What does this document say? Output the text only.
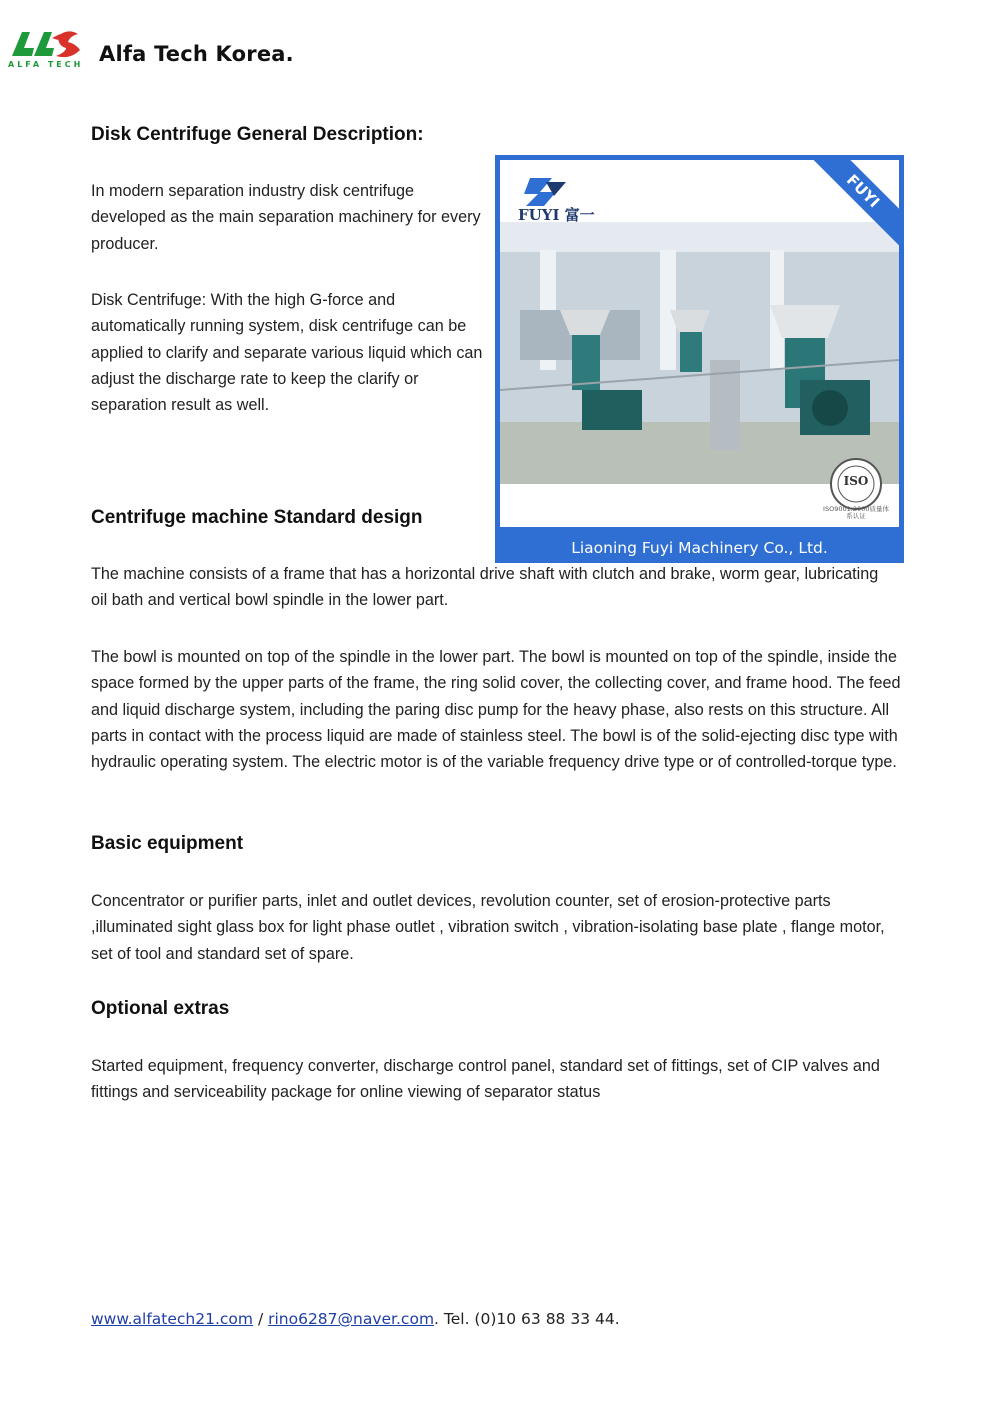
ALFA TECH Alfa Tech Korea.
Disk Centrifuge General Description:

In modern separation industry disk centrifuge developed as the main separation machinery for every producer.

Disk Centrifuge: With the high G-force and automatically running system, disk centrifuge can be applied to clarify and separate various liquid which can adjust the discharge rate to keep the clarify or separation result as well.

FUYI 富一
FUYI
ISO
ISO9001:2000质量体系认证
Liaoning Fuyi Machinery Co., Ltd.
Centrifuge machine Standard design

The machine consists of a frame that has a horizontal drive shaft with clutch and brake, worm gear, lubricating oil bath and vertical bowl spindle in the lower part.

The bowl is mounted on top of the spindle in the lower part. The bowl is mounted on top of the spindle, inside the space formed by the upper parts of the frame, the ring solid cover, the collecting cover, and frame hood. The feed and liquid discharge system, including the paring disc pump for the heavy phase, also rests on this structure. All parts in contact with the process liquid are made of stainless steel. The bowl is of the solid-ejecting disc type with hydraulic operating system. The electric motor is of the variable frequency drive type or of controlled-torque type.

Basic equipment

Concentrator or purifier parts, inlet and outlet devices, revolution counter, set of erosion-protective parts ,illuminated sight glass box for light phase outlet , vibration switch , vibration-isolating base plate , flange motor, set of tool and standard set of spare.

Optional extras

Started equipment, frequency converter, discharge control panel, standard set of fittings, set of CIP valves and fittings and serviceability package for online viewing of separator status

www.alfatech21.com / rino6287@naver.com. Tel. (0)10 63 88 33 44.
